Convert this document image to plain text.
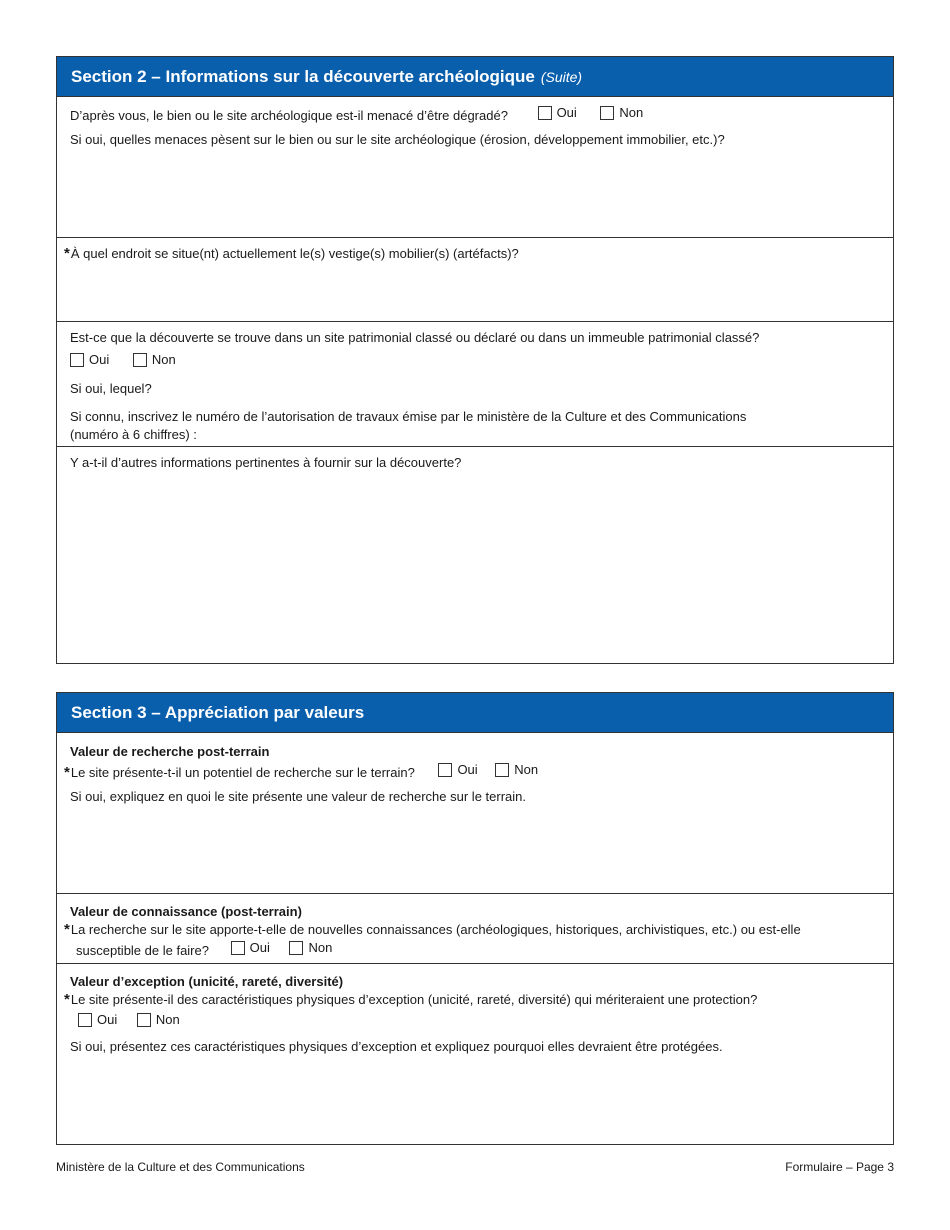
Section 2 – Informations sur la découverte archéologique (Suite)
D’après vous, le bien ou le site archéologique est-il menacé d’être dégradé?	Oui
	Non
Si oui, quelles menaces pèsent sur le bien ou sur le site archéologique (érosion, développement immobilier, etc.)?
*À quel endroit se situe(nt) actuellement le(s) vestige(s) mobilier(s) (artéfacts)?
Est-ce que la découverte se trouve dans un site patrimonial classé ou déclaré ou dans un immeuble patrimonial classé?
Oui
	Non
Si oui, lequel?
Si connu, inscrivez le numéro de l’autorisation de travaux émise par le ministère de la Culture et des Communications
(numéro à 6 chiffres) :
Y a-t-il d’autres informations pertinentes à fournir sur la découverte?
Section 3 – Appréciation par valeurs
Valeur de recherche post-terrain
*Le site présente-t-il un potentiel de recherche sur le terrain?	Oui
	Non
Si oui, expliquez en quoi le site présente une valeur de recherche sur le terrain.
Valeur de connaissance (post-terrain)
*La recherche sur le site apporte-t-elle de nouvelles connaissances (archéologiques, historiques, archivistiques, etc.) ou est-elle
susceptible de le faire?	Oui
	Non
Valeur d’exception (unicité, rareté, diversité)
*Le site présente-il des caractéristiques physiques d’exception (unicité, rareté, diversité) qui mériteraient une protection?
Oui
	Non
Si oui, présentez ces caractéristiques physiques d’exception et expliquez pourquoi elles devraient être protégées.
Ministère de la Culture et des Communications	Formulaire – Page 3
